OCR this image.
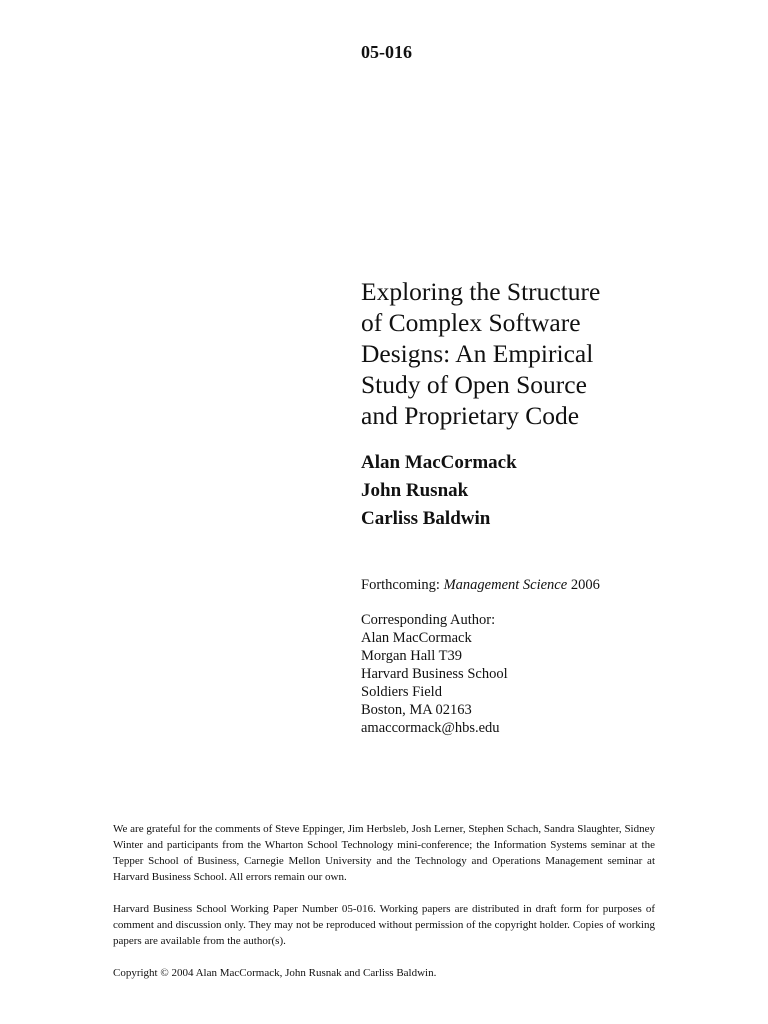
05-016
Exploring the Structure
of Complex Software
Designs: An Empirical
Study of Open Source
and Proprietary Code
Alan MacCormack
John Rusnak
Carliss Baldwin
Forthcoming: Management Science 2006
Corresponding Author:
Alan MacCormack
Morgan Hall T39
Harvard Business School
Soldiers Field
Boston, MA 02163
amaccormack@hbs.edu

We are grateful for the comments of Steve Eppinger, Jim Herbsleb, Josh Lerner, Stephen Schach, Sandra Slaughter, Sidney Winter and participants from the Wharton School Technology mini-conference; the Information Systems seminar at the Tepper School of Business, Carnegie Mellon University and the Technology and Operations Management seminar at Harvard Business School. All errors remain our own.

Harvard Business School Working Paper Number 05-016. Working papers are distributed in draft form for purposes of comment and discussion only. They may not be reproduced without permission of the copyright holder. Copies of working papers are available from the author(s).

Copyright © 2004 Alan MacCormack, John Rusnak and Carliss Baldwin.
